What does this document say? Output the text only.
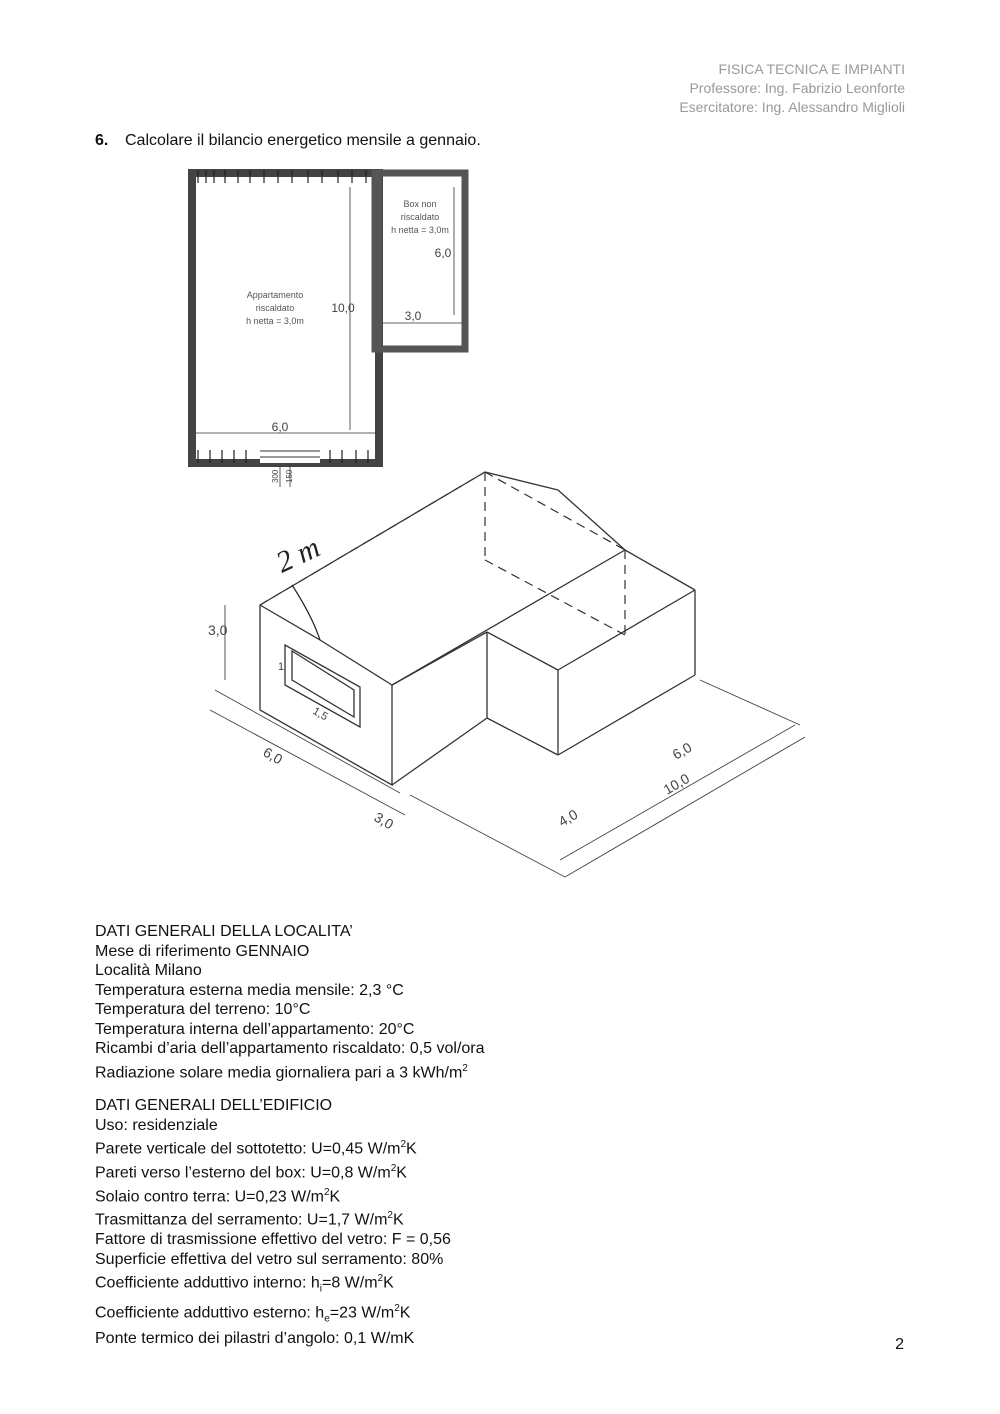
FISICA TECNICA E IMPIANTI
Professore: Ing. Fabrizio Leonforte
Esercitatore: Ing. Alessandro Miglioli
6. Calcolare il bilancio energetico mensile a gennaio.
Appartamento
riscaldato
h netta = 3,0m
Box non
riscaldato
h netta = 3,0m
6,0
10,0
3,0
6,0
300 150
2 m
3,0
1
1,5
6,0
3,0	4,0
6,0
10,0
DATI GENERALI DELLA LOCALITA’
Mese di riferimento GENNAIO
Località Milano
Temperatura esterna media mensile: 2,3 °C
Temperatura del terreno: 10°C
Temperatura interna dell’appartamento: 20°C
Ricambi d’aria dell’appartamento riscaldato: 0,5 vol/ora
Radiazione solare media giornaliera pari a 3 kWh/$m^2$
DATI GENERALI DELL’EDIFICIO
Uso: residenziale
Parete verticale del sottotetto: U=0,45 $W/m^2K$
Pareti verso l’esterno del box: U=0,8 $W/m^2K$
Solaio contro terra: U=0,23 $W/m^2K$
Trasmittanza del serramento: U=1,7 $W/m^2K$
Fattore di trasmissione effettivo del vetro: F = 0,56
Superficie effettiva del vetro sul serramento: 80%
Coefficiente adduttivo interno: $h_i=8$ $W/m^2K$
Coefficiente adduttivo esterno: $h_e=23$ $W/m^2K$
Ponte termico dei pilastri d’angolo: 0,1 W/mK	2
